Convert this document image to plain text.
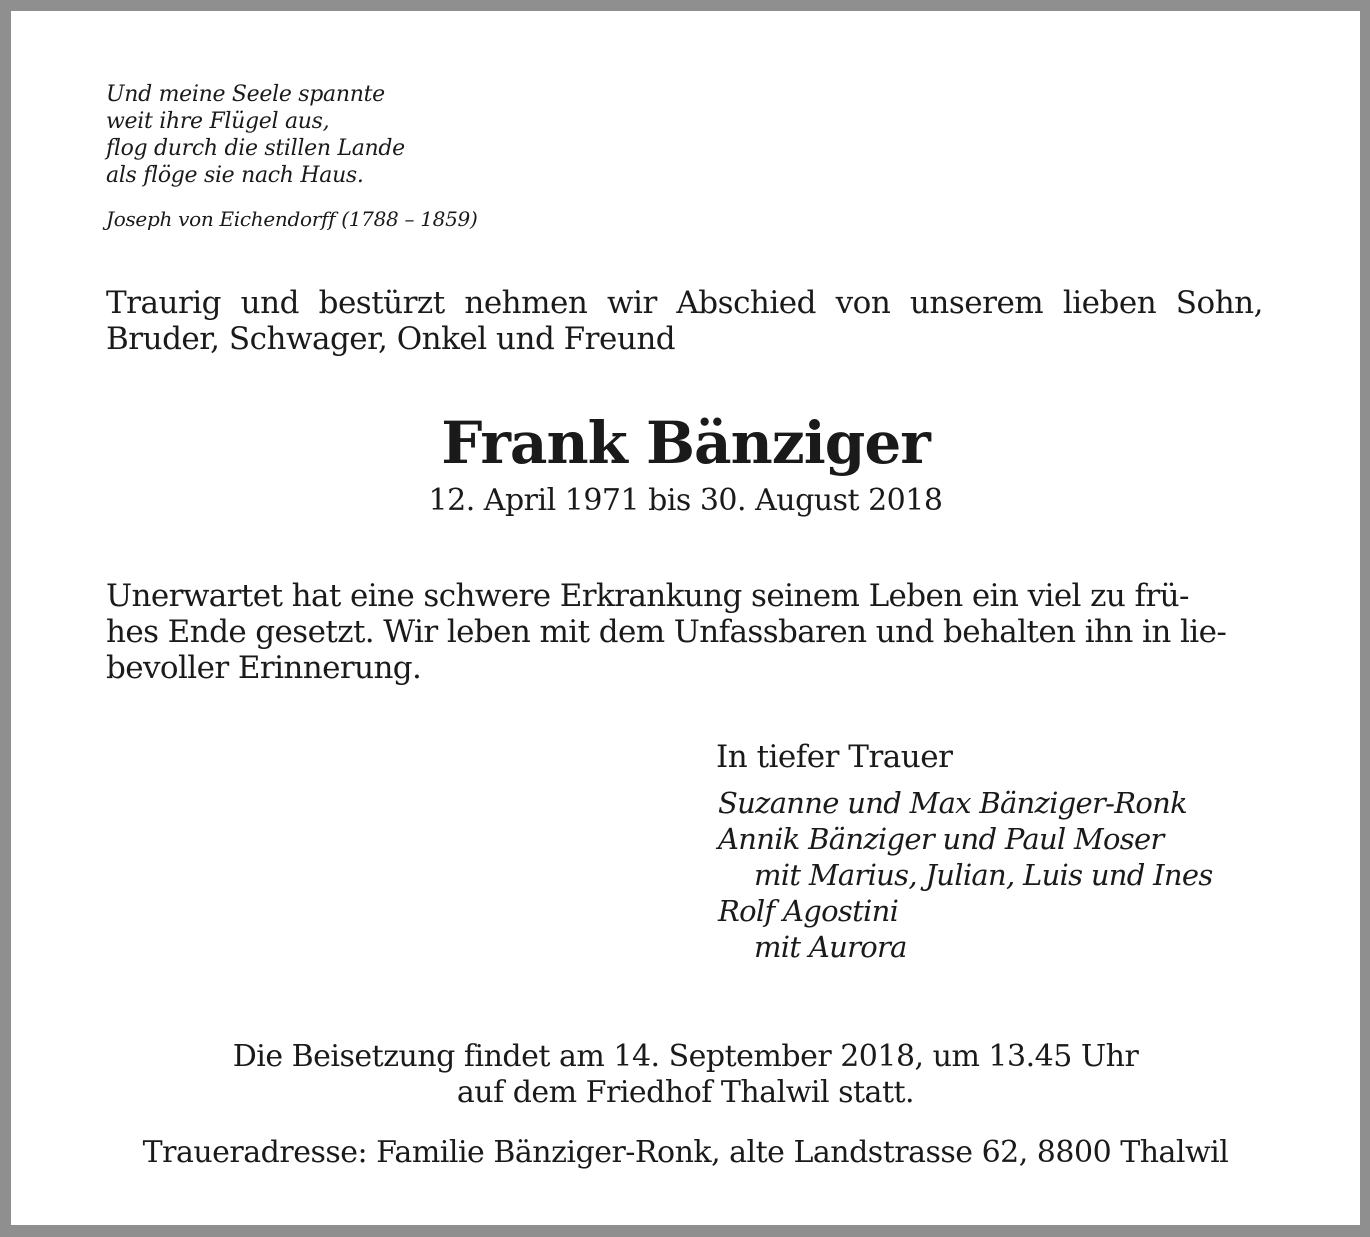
Und meine Seele spannte
weit ihre Flügel aus,
flog durch die stillen Lande
als flöge sie nach Haus.
Joseph von Eichendorff (1788 – 1859)
Traurig und bestürzt nehmen wir Abschied von unserem lieben Sohn, Bruder, Schwager, Onkel und Freund
Frank Bänziger
12. April 1971 bis 30. August 2018
Unerwartet hat eine schwere Erkrankung seinem Leben ein viel zu frü-
hes Ende gesetzt. Wir leben mit dem Unfassbaren und behalten ihn in lie-
bevoller Erinnerung.
In tiefer Trauer
Suzanne und Max Bänziger-Ronk
Annik Bänziger und Paul Moser
mit Marius, Julian, Luis und Ines
Rolf Agostini
mit Aurora
Die Beisetzung findet am 14. September 2018, um 13.45 Uhr
auf dem Friedhof Thalwil statt.
Traueradresse: Familie Bänziger-Ronk, alte Landstrasse 62, 8800 Thalwil
